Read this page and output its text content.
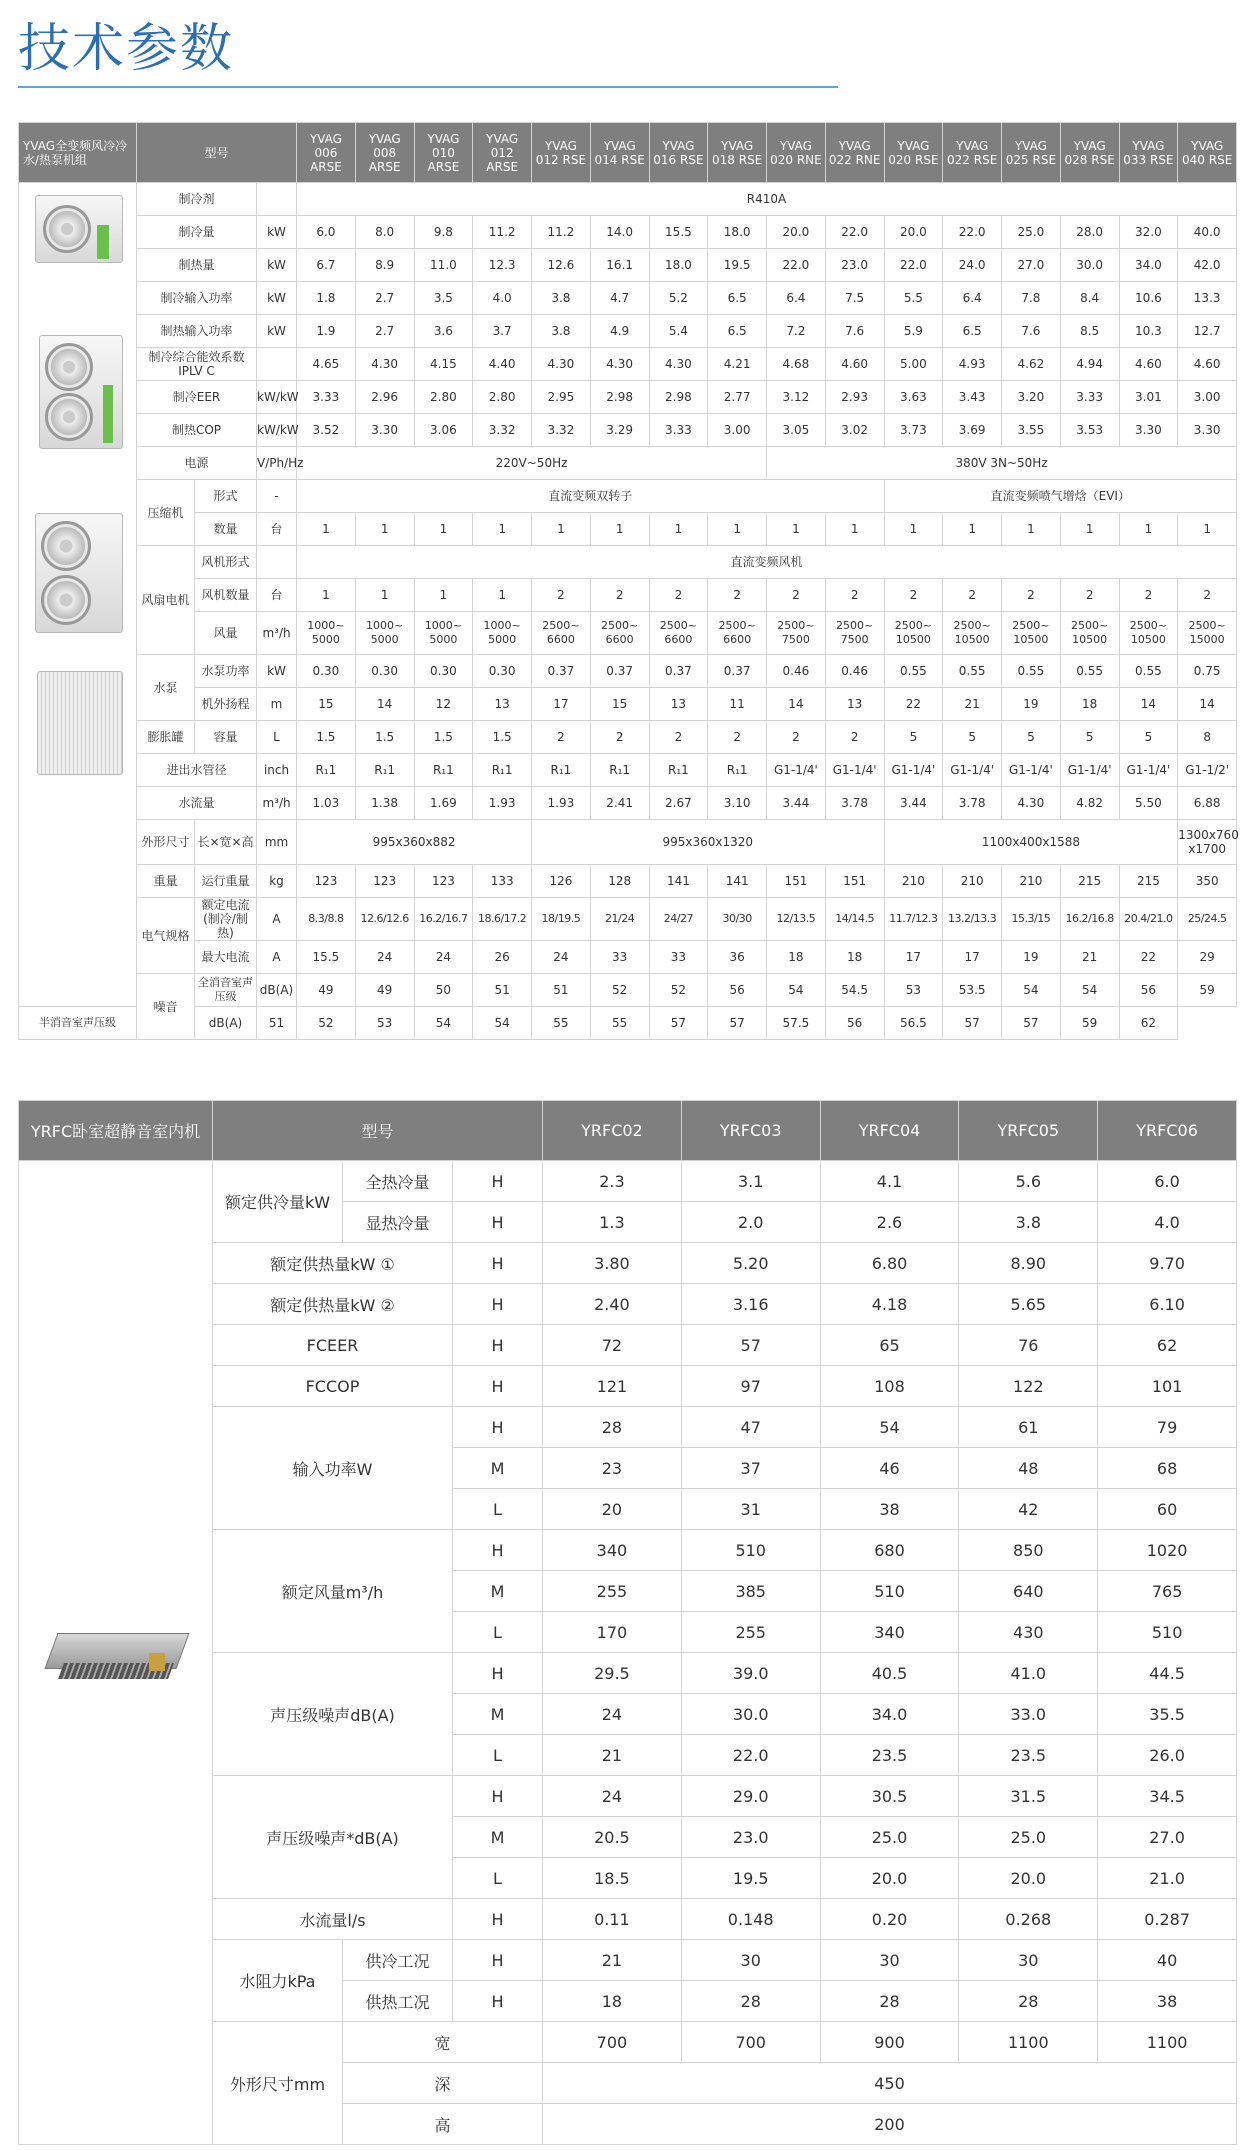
技术参数
YVAG全变频风冷冷水/热泵机组	型号			YVAG 006 ARSE	YVAG 008 ARSE	YVAG 010 ARSE	YVAG 012 ARSE	YVAG 012 RSE	YVAG 014 RSE	YVAG 016 RSE	YVAG 018 RSE	YVAG 020 RNE	YVAG 022 RNE	YVAG 020 RSE	YVAG 022 RSE	YVAG 025 RSE	YVAG 028 RSE	YVAG 033 RSE	YVAG 040 RSE

	制冷剂			R410A															
	制冷量		kW	6.0	8.0	9.8	11.2	11.2	14.0	15.5	18.0	20.0	22.0	20.0	22.0	25.0	28.0	32.0	40.0
	制热量		kW	6.7	8.9	11.0	12.3	12.6	16.1	18.0	19.5	22.0	23.0	22.0	24.0	27.0	30.0	34.0	42.0
	制冷输入功率		kW	1.8	2.7	3.5	4.0	3.8	4.7	5.2	6.5	6.4	7.5	5.5	6.4	7.8	8.4	10.6	13.3
	制热输入功率		kW	1.9	2.7	3.6	3.7	3.8	4.9	5.4	6.5	7.2	7.6	5.9	6.5	7.6	8.5	10.3	12.7
	制冷综合能效系数IPLV C			4.65	4.30	4.15	4.40	4.30	4.30	4.30	4.21	4.68	4.60	5.00	4.93	4.62	4.94	4.60	4.60
	制冷EER		kW/kW	3.33	2.96	2.80	2.80	2.95	2.98	2.98	2.77	3.12	2.93	3.63	3.43	3.20	3.33	3.01	3.00
	制热COP		kW/kW	3.52	3.30	3.06	3.32	3.32	3.29	3.33	3.00	3.05	3.02	3.73	3.69	3.55	3.53	3.30	3.30
	电源		V/Ph/Hz	220V~50Hz								380V 3N~50Hz							
	压缩机	形式	-	直流变频双转子										直流变频喷气增焓（EVI）					
		数量	台	1	1	1	1	1	1	1	1	1	1	1	1	1	1	1	1
	风扇电机	风机形式		直流变频风机															
		风机数量	台	1	1	1	1	2	2	2	2	2	2	2	2	2	2	2	2
		风量	m³/h	1000~ 5000	1000~ 5000	1000~ 5000	1000~ 5000	2500~ 6600	2500~ 6600	2500~ 6600	2500~ 6600	2500~ 7500	2500~ 7500	2500~ 10500	2500~ 10500	2500~ 10500	2500~ 10500	2500~ 10500	2500~ 15000
	水泵	水泵功率	kW	0.30	0.30	0.30	0.30	0.37	0.37	0.37	0.37	0.46	0.46	0.55	0.55	0.55	0.55	0.55	0.75
		机外扬程	m	15	14	12	13	17	15	13	11	14	13	22	21	19	18	14	14
	膨胀罐	容量	L	1.5	1.5	1.5	1.5	2	2	2	2	2	2	5	5	5	5	5	8
	进出水管径		inch	R₁1	R₁1	R₁1	R₁1	R₁1	R₁1	R₁1	R₁1	G1-1/4'	G1-1/4'	G1-1/4'	G1-1/4'	G1-1/4'	G1-1/4'	G1-1/4'	G1-1/2'
	水流量		m³/h	1.03	1.38	1.69	1.93	1.93	2.41	2.67	3.10	3.44	3.78	3.44	3.78	4.30	4.82	5.50	6.88
	外形尺寸	长×宽×高	mm	995x360x882				995x360x1320						1100x400x1588					1300x760 x1700
	重量	运行重量	kg	123	123	123	133	126	128	141	141	151	151	210	210	210	215	215	350
	电气规格	额定电流 (制冷/制热)	A	8.3/8.8	12.6/12.6	16.2/16.7	18.6/17.2	18/19.5	21/24	24/27	30/30	12/13.5	14/14.5	11.7/12.3	13.2/13.3	15.3/15	16.2/16.8	20.4/21.0	25/24.5
		最大电流	A	15.5	24	24	26	24	33	33	36	18	18	17	17	19	21	22	29
	噪音	全消音室声压级	dB(A)	49	49	50	51	51	52	52	56	54	54.5	53	53.5	54	54	56	59
半消音室声压级		dB(A)	51	52	53	54	54	55	55	57	57	57.5	56	56.5	57	57	59	62	
YRFC卧室超静音室内机	型号			YRFC02	YRFC03	YRFC04	YRFC05	YRFC06

	额定供冷量kW	全热冷量	H	2.3	3.1	4.1	5.6	6.0
		显热冷量	H	1.3	2.0	2.6	3.8	4.0
	额定供热量kW ①		H	3.80	5.20	6.80	8.90	9.70
	额定供热量kW ②		H	2.40	3.16	4.18	5.65	6.10
	FCEER		H	72	57	65	76	62
	FCCOP		H	121	97	108	122	101
	输入功率W		H	28	47	54	61	79
			M	23	37	46	48	68
			L	20	31	38	42	60
	额定风量m³/h		H	340	510	680	850	1020
			M	255	385	510	640	765
			L	170	255	340	430	510
	声压级噪声dB(A)		H	29.5	39.0	40.5	41.0	44.5
			M	24	30.0	34.0	33.0	35.5
			L	21	22.0	23.5	23.5	26.0
	声压级噪声*dB(A)		H	24	29.0	30.5	31.5	34.5
			M	20.5	23.0	25.0	25.0	27.0
			L	18.5	19.5	20.0	20.0	21.0
	水流量l/s		H	0.11	0.148	0.20	0.268	0.287
	水阻力kPa	供冷工况	H	21	30	30	30	40
		供热工况	H	18	28	28	28	38
	外形尺寸mm	宽		700	700	900	1100	1100
		深		450				
		高		200				
